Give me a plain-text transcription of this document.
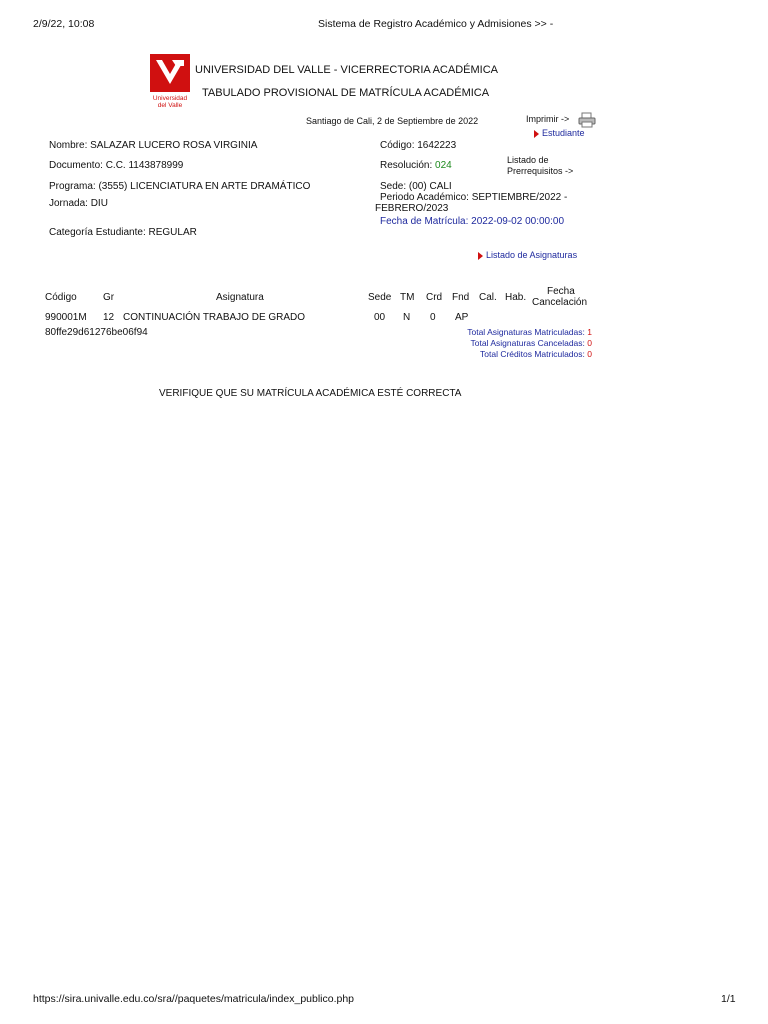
2/9/22, 10:08	Sistema de Registro Académico y Admisiones >> -
Universidad
del Valle
UNIVERSIDAD DEL VALLE - VICERRECTORIA ACADÉMICA
TABULADO PROVISIONAL DE MATRÍCULA ACADÉMICA
Santiago de Cali, 2 de Septiembre de 2022	Imprimir ->
Estudiante
Nombre: SALAZAR LUCERO ROSA VIRGINIA
Documento: C.C. 1143878999
Programa: (3555) LICENCIATURA EN ARTE DRAMÁTICO
Jornada: DIU
Categoría Estudiante: REGULAR
Código: 1642223
Resolución: 024	Listado de
Prerrequisitos ->
Sede: (00) CALI
Periodo Académico: SEPTIEMBRE/2022 -
FEBRERO/2023
Fecha de Matrícula: 2022-09-02 00:00:00
Listado de Asignaturas
Código	Gr	Asignatura	Sede TM Crd Fnd Cal. Hab.
Fecha
Cancelación
990001M 12 CONTINUACIÓN TRABAJO DE GRADO	00 N 0 AP
80ffe29d61276be06f94	Total Asignaturas Matriculadas: 1
Total Asignaturas Canceladas: 0
Total Créditos Matriculados: 0
VERIFIQUE QUE SU MATRÍCULA ACADÉMICA ESTÉ CORRECTA
https://sira.univalle.edu.co/sra//paquetes/matricula/index_publico.php	1/1
